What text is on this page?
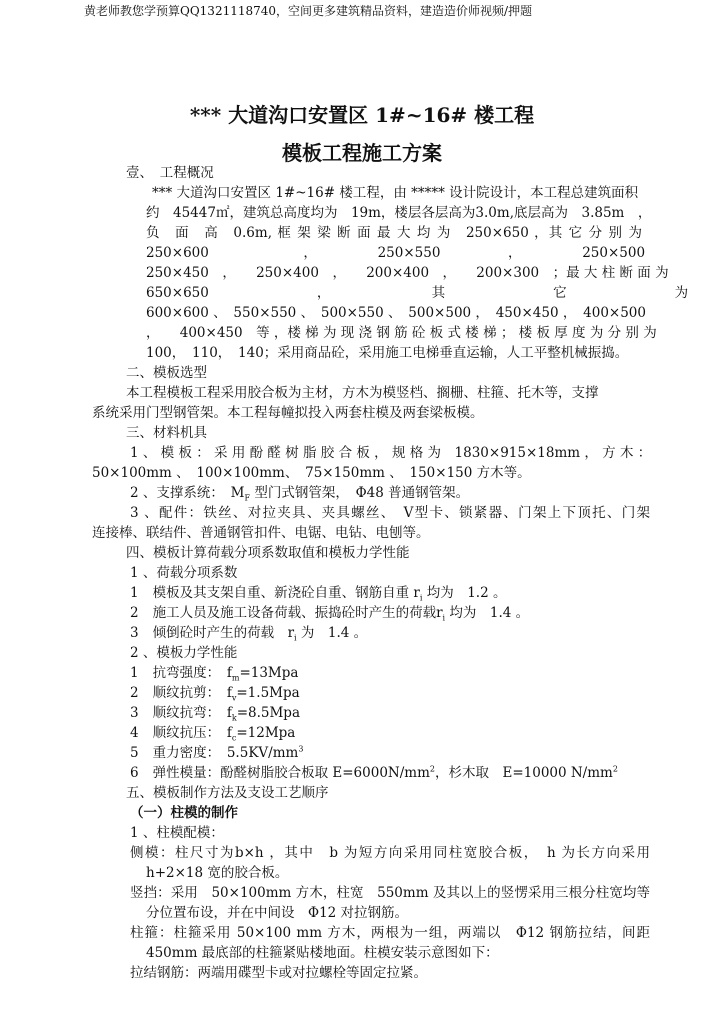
黄老师教您学预算QQ1321118740，空间更多建筑精品资料，建造造价师视频/押题
*** 大道沟口安置区 1#~16# 楼工程
模板工程施工方案
壹、　工程概况
*** 大道沟口安置区 1#~16# 楼工程，由 ***** 设计院设计，本工程总建筑面积
约　45447㎡，建筑总高度均为　19m，楼层各层高为3.0m,底层高为　3.85m　，
负　面　高　0.6m, 框 架 梁 断 面 最 大 均 为　250×650 ，其 它 分 别 为
250×600　　　　　　　，　　　　　250×550　　　　　，　　　　　250×500
250×450　，　　250×400　，　　200×400　，　　200×300　；最 大 柱 断 面 为
650×650　　　　　　　　，　　　　　　　　其　　　　　　　　它　　　　　　　　为
600×600 、　550×550 、　500×550 、　500×500 ，　450×450 ，　400×500
，　　400×450　等 ，楼 梯 为 现 浇 钢 筋 砼 板 式 楼 梯 ； 楼 板 厚 度 为 分 别 为
100，　110，　140；采用商品砼，采用施工电梯垂直运输，人工平整机械振捣。
二、模板选型
本工程模板工程采用胶合板为主材，方木为模竖档、搁栅、柱箍、托木等，支撑
系统采用门型钢管架。本工程每幢拟投入两套柱模及两套梁板模。
三、材料机具
1 、 模 板 ： 采 用 酚 醛 树 脂 胶 合 板 ， 规 格 为　1830×915×18mm ， 方 木 ：
50×100mm 、　100×100mm、　75×150mm 、　150×150 方木等。
2 、支撑系统：　$M_F$ 型门式钢管架，　Φ48 普通钢管架。
3 、配件：铁丝、对拉夹具、夹具螺丝、　V型卡、锁紧器、门架上下顶托、门架
连接棒、联结件、普通钢管扣件、电锯、电钻、电刨等。
四、模板计算荷载分项系数取值和模板力学性能
1 、荷载分项系数
1 模板及其支架自重、新浇砼自重、钢筋自重 $r_i$ 均为　1.2 。
2 施工人员及施工设备荷载、振捣砼时产生的荷载$r_i$ 均为　1.4 。
3 倾倒砼时产生的荷载　$r_i$ 为　1.4 。
2 、模板力学性能
1 抗弯强度：　$f_m=13Mpa$
2 顺纹抗剪：　$f_v=1.5Mpa$
3 顺纹抗弯：　$f_k=8.5Mpa$
4 顺纹抗压：　$f_c=12Mpa$
5 重力密度：　$5.5KV/mm^3$
6 弹性模量：酚醛树脂胶合板取 $E=6000N/mm^2$，杉木取　E=10000 $N/mm^2$
五、模板制作方法及支设工艺顺序
（一）柱模的制作
1 、柱模配模：
侧模：柱尺寸为b×h ，其中　b 为短方向采用同柱宽胶合板，　h 为长方向采用
h+2×18 宽的胶合板。
竖挡：采用　50×100mm 方木，柱宽　550mm 及其以上的竖愣采用三根分柱宽均等
分位置布设，并在中间设　Φ12 对拉钢筋。
柱箍：柱箍采用 50×100 mm 方木，两根为一组，两端以　Φ12 钢筋拉结，间距
450mm 最底部的柱箍紧贴楼地面。柱模安装示意图如下：
拉结钢筋：两端用碟型卡或对拉螺栓等固定拉紧。
